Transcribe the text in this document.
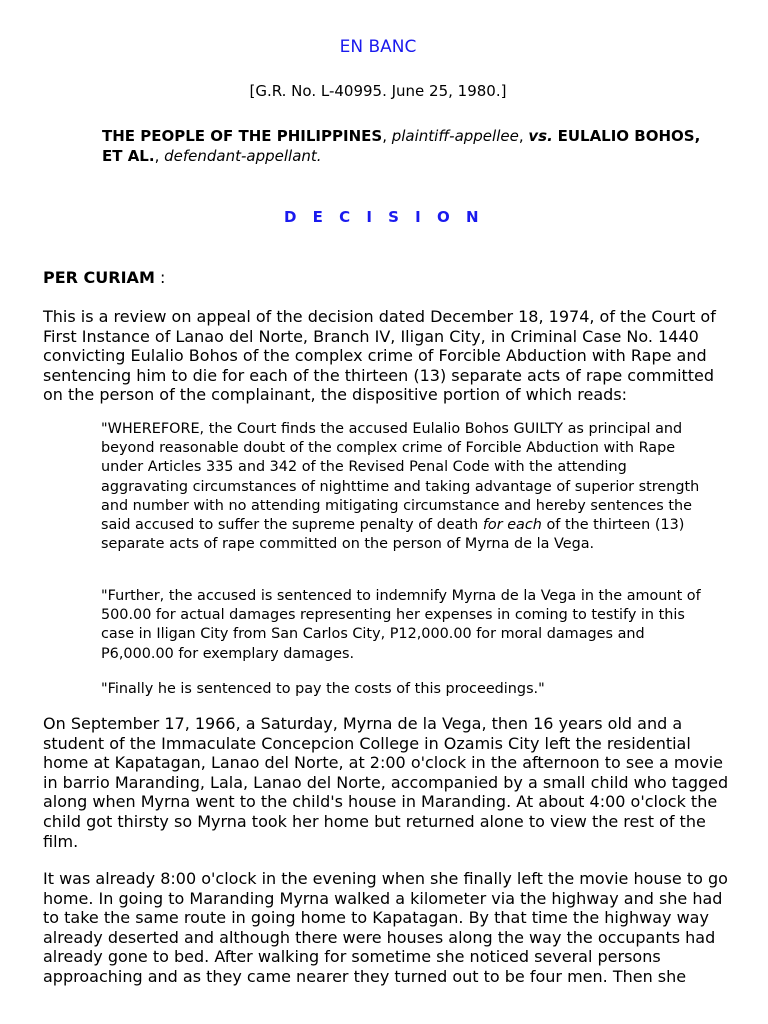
EN BANC
[G.R. No. L-40995. June 25, 1980.]
THE PEOPLE OF THE PHILIPPINES, plaintiff-appellee, vs. EULALIO BOHOS, ET AL., defendant-appellant.
D E C I S I O N
PER CURIAM :
This is a review on appeal of the decision dated December 18, 1974, of the Court of First Instance of Lanao del Norte, Branch IV, Iligan City, in Criminal Case No. 1440 convicting Eulalio Bohos of the complex crime of Forcible Abduction with Rape and sentencing him to die for each of the thirteen (13) separate acts of rape committed on the person of the complainant, the dispositive portion of which reads:
"WHEREFORE, the Court finds the accused Eulalio Bohos GUILTY as principal and beyond reasonable doubt of the complex crime of Forcible Abduction with Rape under Articles 335 and 342 of the Revised Penal Code with the attending aggravating circumstances of nighttime and taking advantage of superior strength and number with no attending mitigating circumstance and hereby sentences the said accused to suffer the supreme penalty of death for each of the thirteen (13) separate acts of rape committed on the person of Myrna de la Vega.
"Further, the accused is sentenced to indemnify Myrna de la Vega in the amount of 500.00 for actual damages representing her expenses in coming to testify in this case in Iligan City from San Carlos City, P12,000.00 for moral damages and P6,000.00 for exemplary damages.
"Finally he is sentenced to pay the costs of this proceedings."
On September 17, 1966, a Saturday, Myrna de la Vega, then 16 years old and a student of the Immaculate Concepcion College in Ozamis City left the residential home at Kapatagan, Lanao del Norte, at 2:00 o'clock in the afternoon to see a movie in barrio Maranding, Lala, Lanao del Norte, accompanied by a small child who tagged along when Myrna went to the child's house in Maranding. At about 4:00 o'clock the child got thirsty so Myrna took her home but returned alone to view the rest of the film.
It was already 8:00 o'clock in the evening when she finally left the movie house to go home. In going to Maranding Myrna walked a kilometer via the highway and she had to take the same route in going home to Kapatagan. By that time the highway way already deserted and although there were houses along the way the occupants had already gone to bed. After walking for sometime she noticed several persons approaching and as they came nearer they turned out to be four men. Then she
